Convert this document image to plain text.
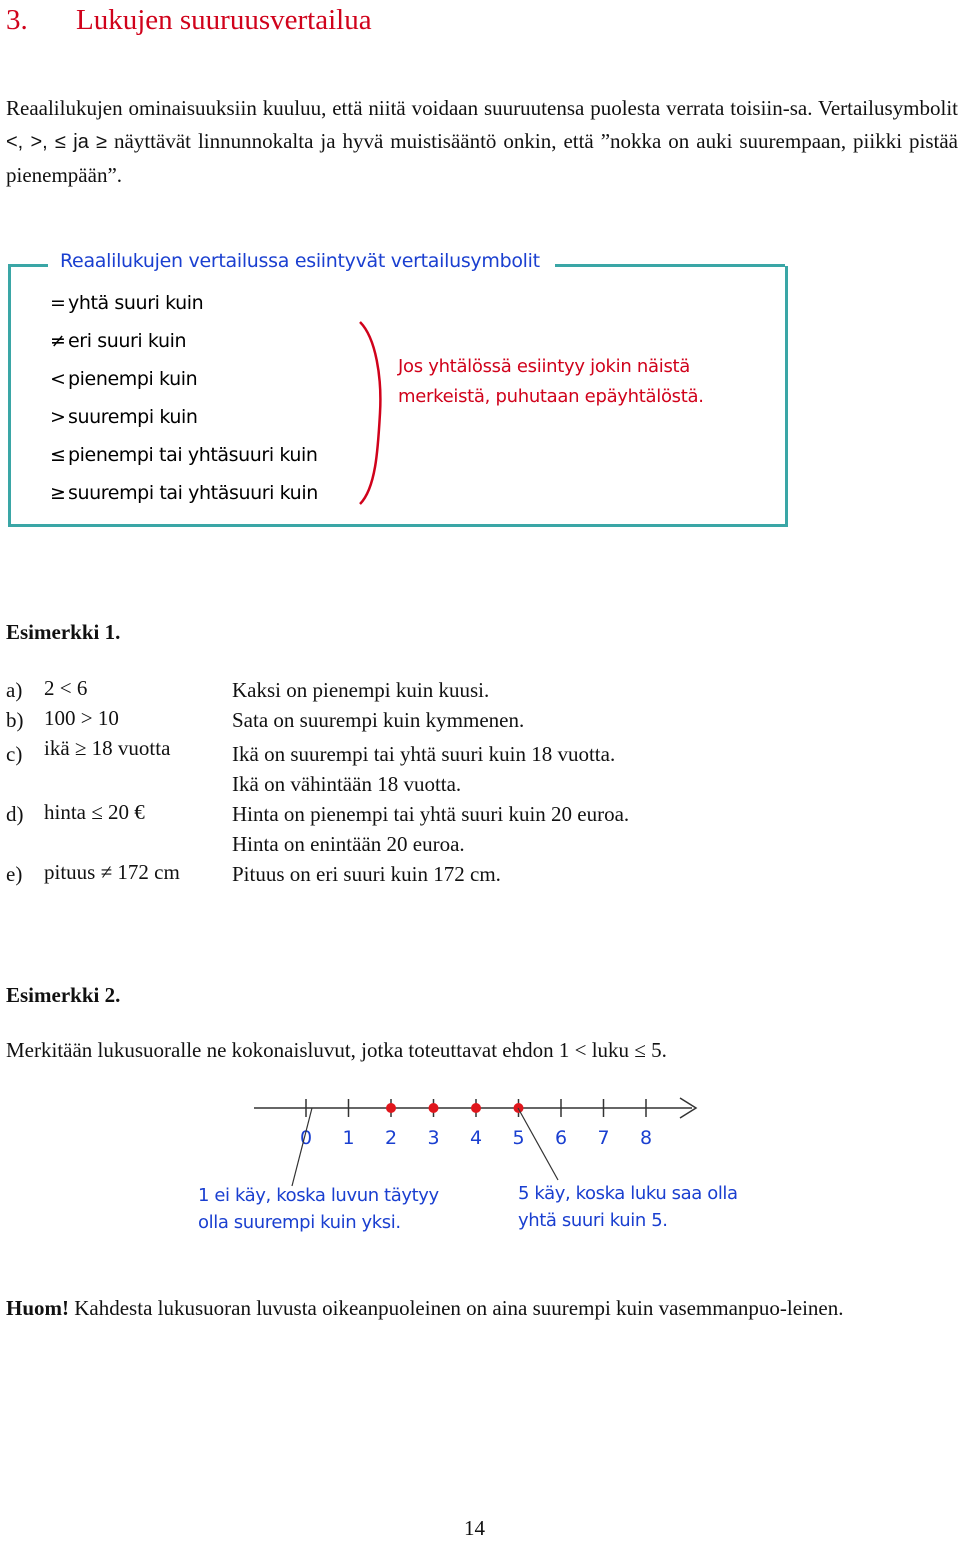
3. Lukujen suuruusvertailua

Reaalilukujen ominaisuuksiin kuuluu, että niitä voidaan suuruutensa puolesta verrata toisiin-sa. Vertailusymbolit <, >, ≤ ja ≥ näyttävät linnunnokalta ja hyvä muistisääntö onkin, että ”nokka on auki suurempaan, piikki pistää pienempään”.

Reaalilukujen vertailussa esiintyvät vertailusymbolit
= yhtä suuri kuin
≠ eri suuri kuin
< pienempi kuin
> suurempi kuin
≤ pienempi tai yhtäsuuri kuin
≥ suurempi tai yhtäsuuri kuin
Jos yhtälössä esiintyy jokin näistä
merkeistä, puhutaan epäyhtälöstä.
Esimerkki 1.
a) 2 < 6	Kaksi on pienempi kuin kuusi.
b) 100 > 10	Sata on suurempi kuin kymmenen.
c) ikä ≥ 18 vuotta	Ikä on suurempi tai yhtä suuri kuin 18 vuotta.
Ikä on vähintään 18 vuotta.
d) hinta ≤ 20 €	Hinta on pienempi tai yhtä suuri kuin 20 euroa.
Hinta on enintään 20 euroa.
e) pituus ≠ 172 cm Pituus on eri suuri kuin 172 cm.
Esimerkki 2.
Merkitään lukusuoralle ne kokonaisluvut, jotka toteuttavat ehdon 1 < luku ≤ 5.
0 1 2 3 4 5 6 7 8
1 ei käy, koska luvun täytyy
olla suurempi kuin yksi.
5 käy, koska luku saa olla
yhtä suuri kuin 5.

Huom! Kahdesta lukusuoran luvusta oikeanpuoleinen on aina suurempi kuin vasemmanpuo-leinen.

14
